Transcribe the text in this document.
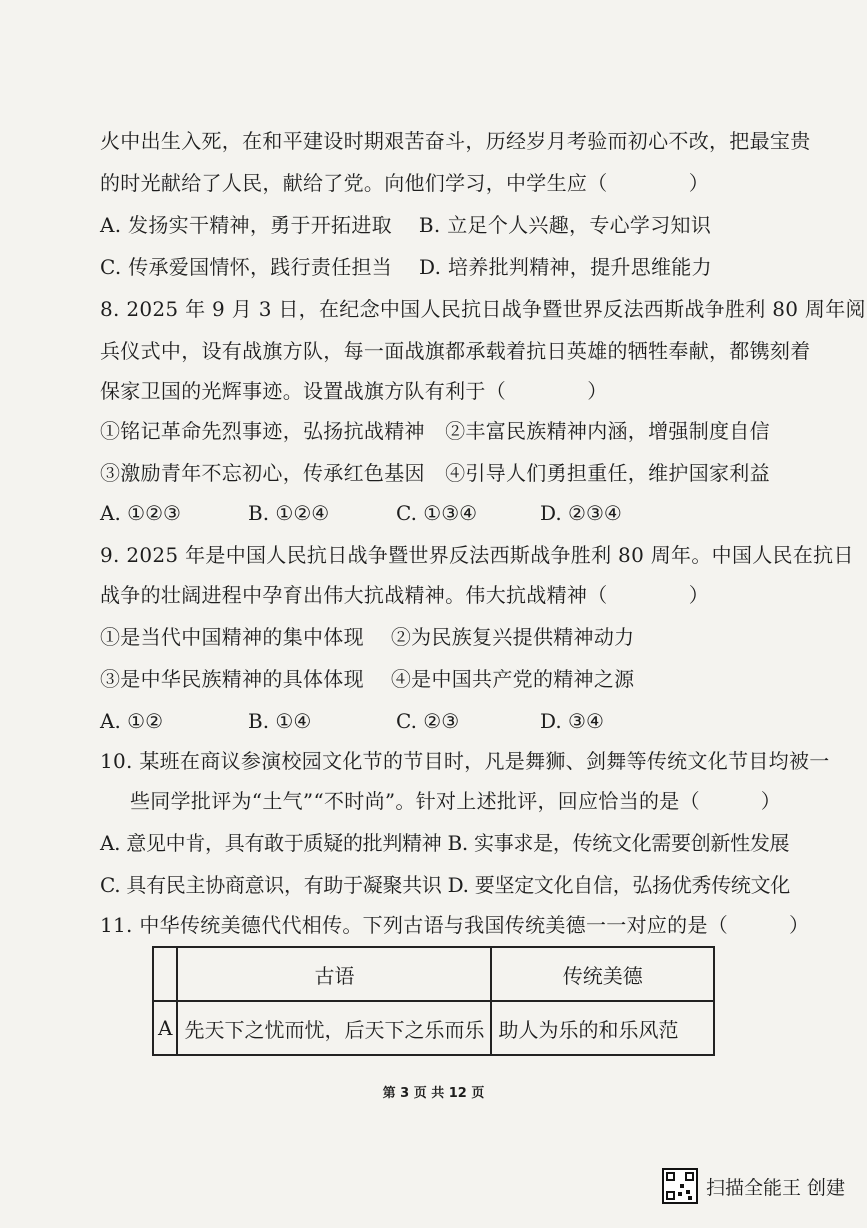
火中出生入死，在和平建设时期艰苦奋斗，历经岁月考验而初心不改，把最宝贵
的时光献给了人民，献给了党。向他们学习，中学生应（　　　　）
A. 发扬实干精神，勇于开拓进取　 B. 立足个人兴趣，专心学习知识
C. 传承爱国情怀，践行责任担当　 D. 培养批判精神，提升思维能力
8. 2025 年 9 月 3 日，在纪念中国人民抗日战争暨世界反法西斯战争胜利 80 周年阅
兵仪式中，设有战旗方队，每一面战旗都承载着抗日英雄的牺牲奉献，都镌刻着
保家卫国的光辉事迹。设置战旗方队有利于（　　　　）
①铭记革命先烈事迹，弘扬抗战精神　②丰富民族精神内涵，增强制度自信
③激励青年不忘初心，传承红色基因　④引导人们勇担重任，维护国家利益
A. ①②③	B. ①②④	C. ①③④	D. ②③④
9. 2025 年是中国人民抗日战争暨世界反法西斯战争胜利 80 周年。中国人民在抗日
战争的壮阔进程中孕育出伟大抗战精神。伟大抗战精神（　　　　）
①是当代中国精神的集中体现　 ②为民族复兴提供精神动力
③是中华民族精神的具体体现　 ④是中国共产党的精神之源
A. ①②	B. ①④	C. ②③	D. ③④
10. 某班在商议参演校园文化节的节目时，凡是舞狮、剑舞等传统文化节目均被一
些同学批评为“土气”“不时尚”。针对上述批评，回应恰当的是（　　　）
A. 意见中肯，具有敢于质疑的批判精神 B. 实事求是，传统文化需要创新性发展
C. 具有民主协商意识，有助于凝聚共识 D. 要坚定文化自信，弘扬优秀传统文化
11. 中华传统美德代代相传。下列古语与我国传统美德一一对应的是（　　　）
	古语	传统美德
A	先天下之忧而忧，后天下之乐而乐	助人为乐的和乐风范
第 3 页 共 12 页
扫描全能王 创建
